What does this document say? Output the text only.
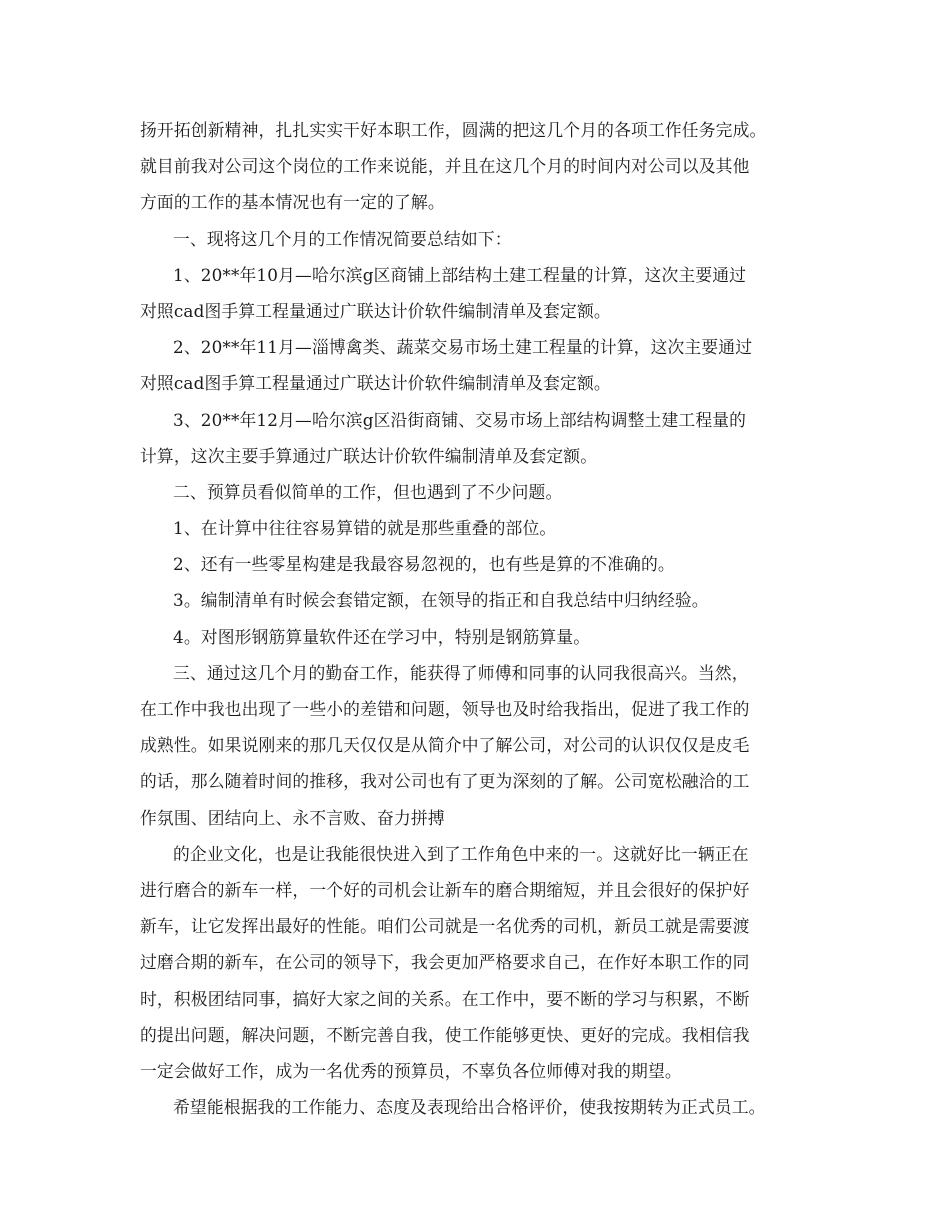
扬开拓创新精神，扎扎实实干好本职工作，圆满的把这几个月的各项工作任务完成。
就目前我对公司这个岗位的工作来说能，并且在这几个月的时间内对公司以及其他
方面的工作的基本情况也有一定的了解。
一、现将这几个月的工作情况简要总结如下：
1、20**年10月—哈尔滨g区商铺上部结构土建工程量的计算，这次主要通过
对照cad图手算工程量通过广联达计价软件编制清单及套定额。
2、20**年11月—淄博禽类、蔬菜交易市场土建工程量的计算，这次主要通过
对照cad图手算工程量通过广联达计价软件编制清单及套定额。
3、20**年12月—哈尔滨g区沿街商铺、交易市场上部结构调整土建工程量的
计算，这次主要手算通过广联达计价软件编制清单及套定额。
二、预算员看似简单的工作，但也遇到了不少问题。
1、在计算中往往容易算错的就是那些重叠的部位。
2、还有一些零星构建是我最容易忽视的，也有些是算的不准确的。
3。编制清单有时候会套错定额，在领导的指正和自我总结中归纳经验。
4。对图形钢筋算量软件还在学习中，特别是钢筋算量。
三、通过这几个月的勤奋工作，能获得了师傅和同事的认同我很高兴。当然，
在工作中我也出现了一些小的差错和问题，领导也及时给我指出，促进了我工作的
成熟性。如果说刚来的那几天仅仅是从简介中了解公司，对公司的认识仅仅是皮毛
的话，那么随着时间的推移，我对公司也有了更为深刻的了解。公司宽松融洽的工
作氛围、团结向上、永不言败、奋力拼搏
的企业文化，也是让我能很快进入到了工作角色中来的一。这就好比一辆正在
进行磨合的新车一样，一个好的司机会让新车的磨合期缩短，并且会很好的保护好
新车，让它发挥出最好的性能。咱们公司就是一名优秀的司机，新员工就是需要渡
过磨合期的新车，在公司的领导下，我会更加严格要求自己，在作好本职工作的同
时，积极团结同事，搞好大家之间的关系。在工作中，要不断的学习与积累，不断
的提出问题，解决问题，不断完善自我，使工作能够更快、更好的完成。我相信我
一定会做好工作，成为一名优秀的预算员，不辜负各位师傅对我的期望。
希望能根据我的工作能力、态度及表现给出合格评价，使我按期转为正式员工。
